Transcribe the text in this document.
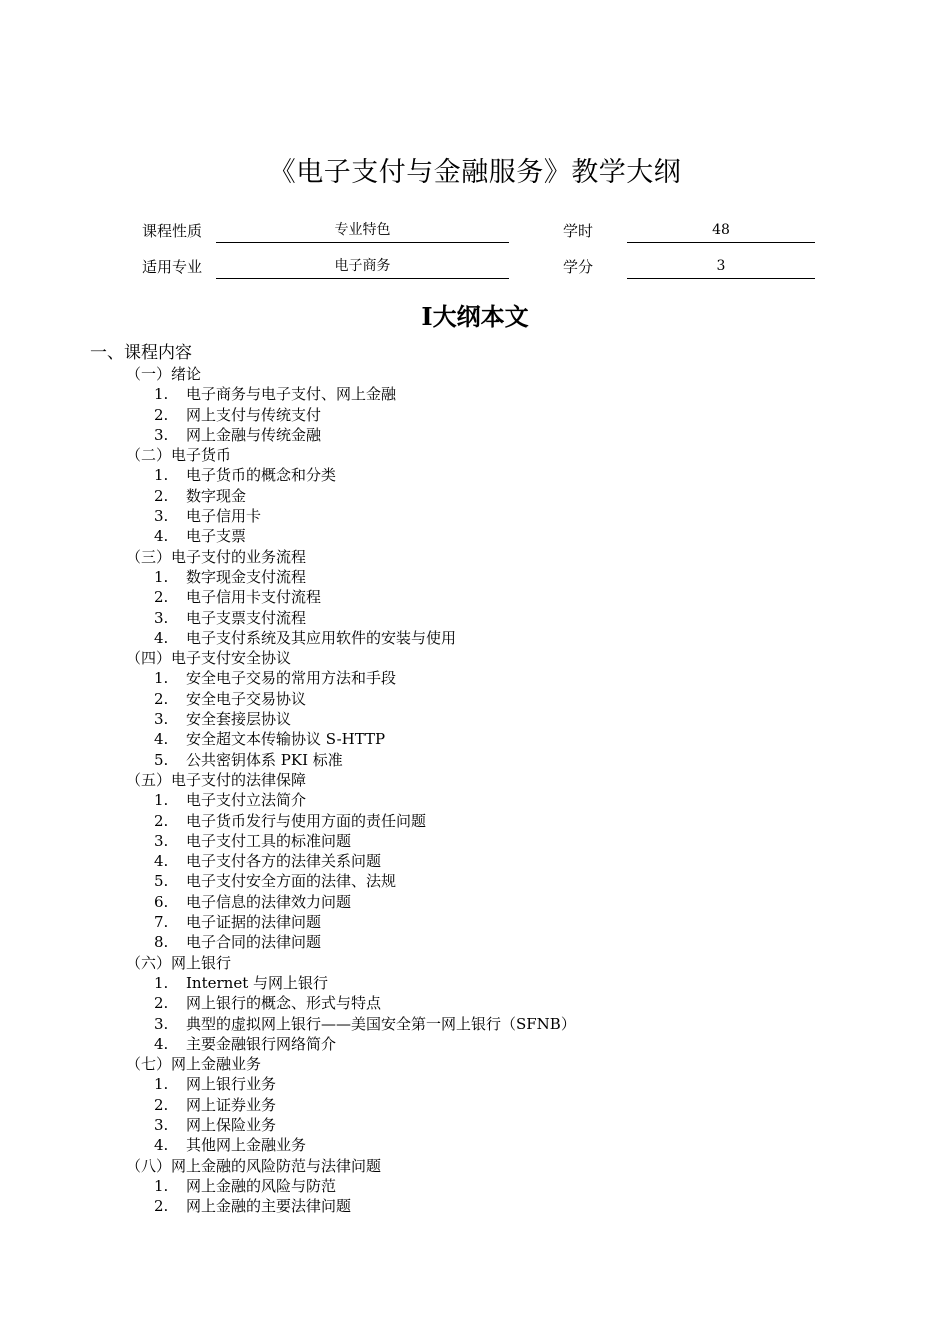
《电子支付与金融服务》教学大纲
课程性质	专业特色	学时	48
适用专业	电子商务	学分	3
Ⅰ大纲本文
一、课程内容
（一）绪论
1. 电子商务与电子支付、网上金融
2. 网上支付与传统支付
3. 网上金融与传统金融
（二）电子货币
1. 电子货币的概念和分类
2. 数字现金
3. 电子信用卡
4. 电子支票
（三）电子支付的业务流程
1. 数字现金支付流程
2. 电子信用卡支付流程
3. 电子支票支付流程
4. 电子支付系统及其应用软件的安装与使用
（四）电子支付安全协议
1. 安全电子交易的常用方法和手段
2. 安全电子交易协议
3. 安全套接层协议
4. 安全超文本传输协议 S-HTTP
5. 公共密钥体系 PKI 标准
（五）电子支付的法律保障
1. 电子支付立法简介
2. 电子货币发行与使用方面的责任问题
3. 电子支付工具的标准问题
4. 电子支付各方的法律关系问题
5. 电子支付安全方面的法律、法规
6. 电子信息的法律效力问题
7. 电子证据的法律问题
8. 电子合同的法律问题
（六）网上银行
1. Internet 与网上银行
2. 网上银行的概念、形式与特点
3. 典型的虚拟网上银行——美国安全第一网上银行（SFNB）
4. 主要金融银行网络简介
（七）网上金融业务
1. 网上银行业务
2. 网上证券业务
3. 网上保险业务
4. 其他网上金融业务
（八）网上金融的风险防范与法律问题
1. 网上金融的风险与防范
2. 网上金融的主要法律问题
